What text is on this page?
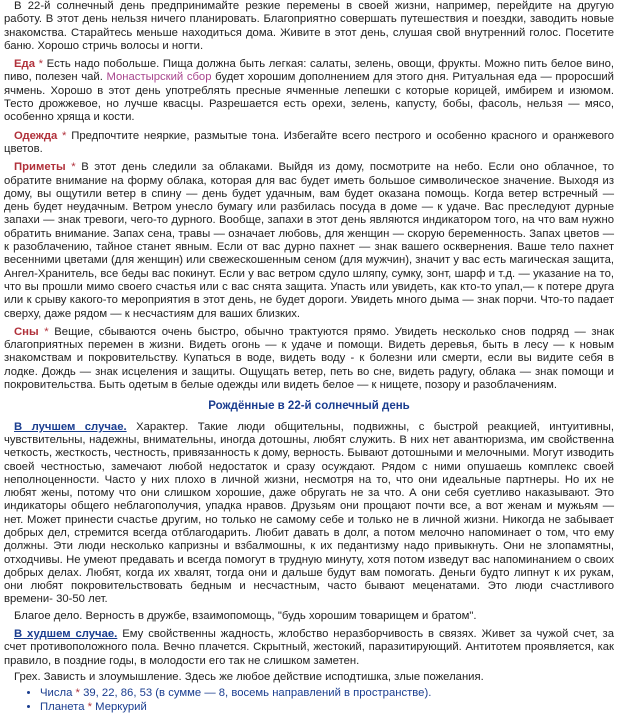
В 22-й солнечный день предпринимайте резкие перемены в своей жизни, например, перейдите на другую работу. В этот день нельзя ничего планировать. Благоприятно совершать путешествия и поездки, заводить новые знакомства. Старайтесь меньше находиться дома. Живите в этот день, слушая свой внутренний голос. Посетите баню. Хорошо стричь волосы и ногти.

Еда * Есть надо побольше. Пища должна быть легкая: салаты, зелень, овощи, фрукты. Можно пить белое вино, пиво, полезен чай. Монастырский сбор будет хорошим дополнением для этого дня. Ритуальная еда — проросший ячмень. Хорошо в этот день употреблять пресные ячменные лепешки с которые корицей, имбирем и изюмом. Тесто дрожжевое, но лучше квасцы. Разрешается есть орехи, зелень, капусту, бобы, фасоль, нельзя — мясо, особенно хряща и кости.

Одежда * Предпочтите неяркие, размытые тона. Избегайте всего пестрого и особенно красного и оранжевого цветов.

Приметы * В этот день следили за облаками. Выйдя из дому, посмотрите на небо. Если оно облачное, то обратите внимание на форму облака, которая для вас будет иметь большое символическое значение. Выходя из дому, вы ощутили ветер в спину — день будет удачным, вам будет оказана помощь. Когда ветер встречный — день будет неудачным. Ветром унесло бумагу или разбилась посуда в доме — к удаче. Вас преследуют дурные запахи — знак тревоги, чего-то дурного. Вообще, запахи в этот день являются индикатором того, на что вам нужно обратить внимание. Запах сена, травы — означает любовь, для женщин — скорую беременность. Запах цветов — к разоблачению, тайное станет явным. Если от вас дурно пахнет — знак вашего осквернения. Ваше тело пахнет весенними цветами (для женщин) или свежескошенным сеном (для мужчин), значит у вас есть магическая защита, Ангел-Хранитель, все беды вас покинут. Если у вас ветром сдуло шляпу, сумку, зонт, шарф и т.д. — указание на то, что вы прошли мимо своего счастья или с вас снята защита. Упасть или увидеть, как кто-то упал,— к потере друга или к срыву какого-то мероприятия в этот день, не будет дороги. Увидеть много дыма — знак порчи. Что-то падает сверху, даже рядом — к несчастиям для ваших близких.

Сны * Вещие, сбываются очень быстро, обычно трактуются прямо. Увидеть несколько снов подряд — знак благоприятных перемен в жизни. Видеть огонь — к удаче и помощи. Видеть деревья, быть в лесу — к новым знакомствам и покровительству. Купаться в воде, видеть воду - к болезни или смерти, если вы видите себя в лодке. Дождь — знак исцеления и защиты. Ощущать ветер, петь во сне, видеть радугу, облака — знак помощи и покровительства. Быть одетым в белые одежды или видеть белое — к нищете, позору и разоблачениям.

Рождённые в 22-й солнечный день

В лучшем случае. Характер. Такие люди общительны, подвижны, с быстрой реакцией, интуитивны, чувствительны, надежны, внимательны, иногда дотошны, любят служить. В них нет авантюризма, им свойственна четкость, жесткость, честность, привязанность к дому, верность. Бывают дотошными и мелочными. Могут изводить своей честностью, замечают любой недостаток и сразу осуждают. Рядом с ними опушаешь комплекс своей неполноценности. Часто у них плохо в личной жизни, несмотря на то, что они идеальные партнеры. Но их не любят жены, потому что они слишком хорошие, даже обругать не за что. А они себя суетливо наказывают. Это индикаторы общего неблагополучия, упадка нравов. Друзьям они прощают почти все, а вот женам и мужьям — нет. Может принести счастье другим, но только не самому себе и только не в личной жизни. Никогда не забывает добрых дел, стремится всегда отблагодарить. Любит давать в долг, а потом мелочно напоминает о том, что ему должны. Эти люди несколько капризны и взбалмошны, к их педантизму надо привыкнуть. Они не злопамятны, отходчивы. Не умеют предавать и всегда помогут в трудную минуту, хотя потом изведут вас напоминанием о своих добрых делах. Любят, когда их хвалят, тогда они и дальше будут вам помогать. Деньги будто липнут к их рукам, они любят покровительствовать бедным и несчастным, часто бывают меценатами. Это люди счастливого времени- 30-50 лет.

Благое дело. Верность в дружбе, взаимопомощь, "будь хорошим товарищем и братом".

В худшем случае. Ему свойственны жадность, жлобство неразборчивость в связях. Живет за чужой счет, за счет противоположного пола. Вечно плачется. Скрытный, жестокий, паразитирующий. Антитотем проявляется, как правило, в поздние годы, в молодости его так не слишком заметен.

Грех. Зависть и злоумышление. Здесь же любое действие исподтишка, злые пожелания.

• Числа * 39, 22, 86, 53 (в сумме — 8, восемь направлений в пространстве).
• Планета * Меркурий
